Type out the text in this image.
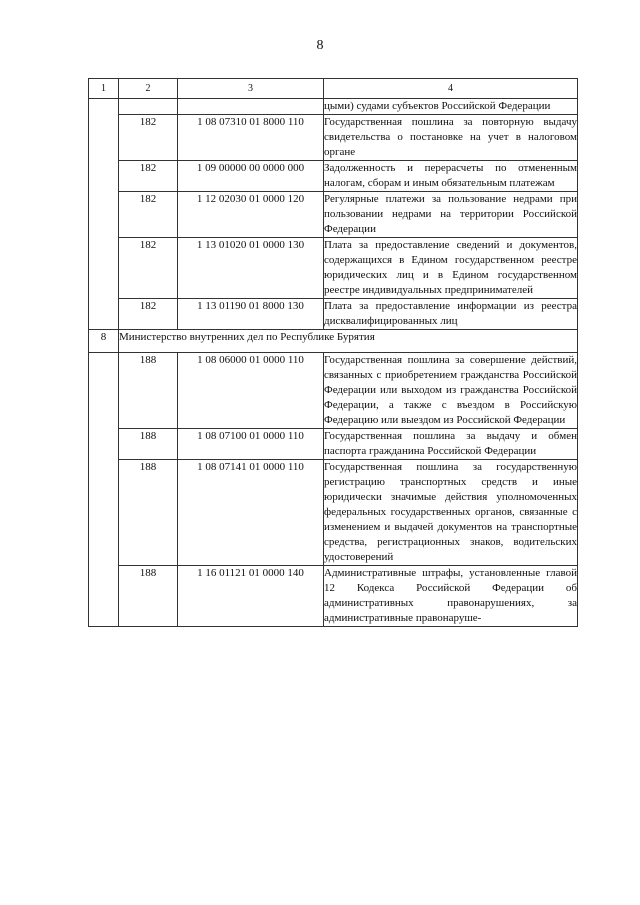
8
1	2	3	4
			цыми) судами субъектов Российской Федерации
	182	1 08 07310 01 8000 110	Государственная пошлина за повторную выдачу свидетельства о постановке на учет в налоговом органе
	182	1 09 00000 00 0000 000	Задолженность и перерасчеты по отмененным налогам, сборам и иным обязательным платежам
	182	1 12 02030 01 0000 120	Регулярные платежи за пользование недрами при пользовании недрами на территории Российской Федерации
	182	1 13 01020 01 0000 130	Плата за предоставление сведений и документов, содержащихся в Едином государственном реестре юридических лиц и в Едином государственном реестре индивидуальных предпринимателей
	182	1 13 01190 01 8000 130	Плата за предоставление информации из реестра дисквалифицированных лиц
8	Министерство внутренних дел по Республике Бурятия		
	188	1 08 06000 01 0000 110	Государственная пошлина за совершение действий, связанных с приобретением гражданства Российской Федерации или выходом из гражданства Российской Федерации, а также с въездом в Российскую Федерацию или выездом из Российской Федерации
	188	1 08 07100 01 0000 110	Государственная пошлина за выдачу и обмен паспорта гражданина Российской Федерации
	188	1 08 07141 01 0000 110	Государственная пошлина за государственную регистрацию транспортных средств и иные юридически значимые действия уполномоченных федеральных государственных органов, связанные с изменением и выдачей документов на транспортные средства, регистрационных знаков, водительских удостоверений
	188	1 16 01121 01 0000 140	Административные штрафы, установленные главой 12 Кодекса Российской Федерации об административных правонарушениях, за административные правонаруше-
